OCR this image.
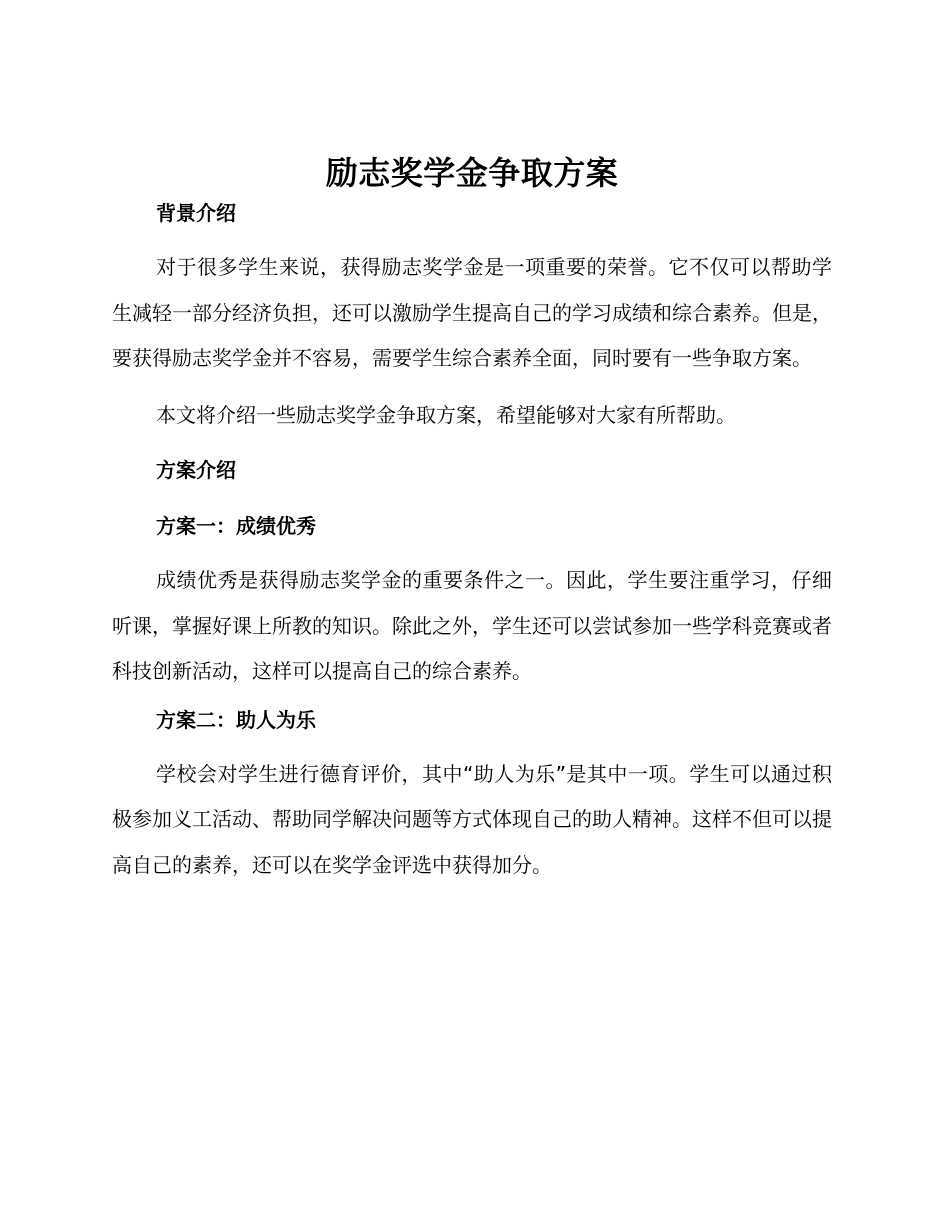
励志奖学金争取方案

背景介绍

对于很多学生来说，获得励志奖学金是一项重要的荣誉。它不仅可以帮助学生减轻一部分经济负担，还可以激励学生提高自己的学习成绩和综合素养。但是，要获得励志奖学金并不容易，需要学生综合素养全面，同时要有一些争取方案。

本文将介绍一些励志奖学金争取方案，希望能够对大家有所帮助。

方案介绍

方案一：成绩优秀

成绩优秀是获得励志奖学金的重要条件之一。因此，学生要注重学习，仔细听课，掌握好课上所教的知识。除此之外，学生还可以尝试参加一些学科竞赛或者科技创新活动，这样可以提高自己的综合素养。

方案二：助人为乐

学校会对学生进行德育评价，其中“助人为乐”是其中一项。学生可以通过积极参加义工活动、帮助同学解决问题等方式体现自己的助人精神。这样不但可以提高自己的素养，还可以在奖学金评选中获得加分。
